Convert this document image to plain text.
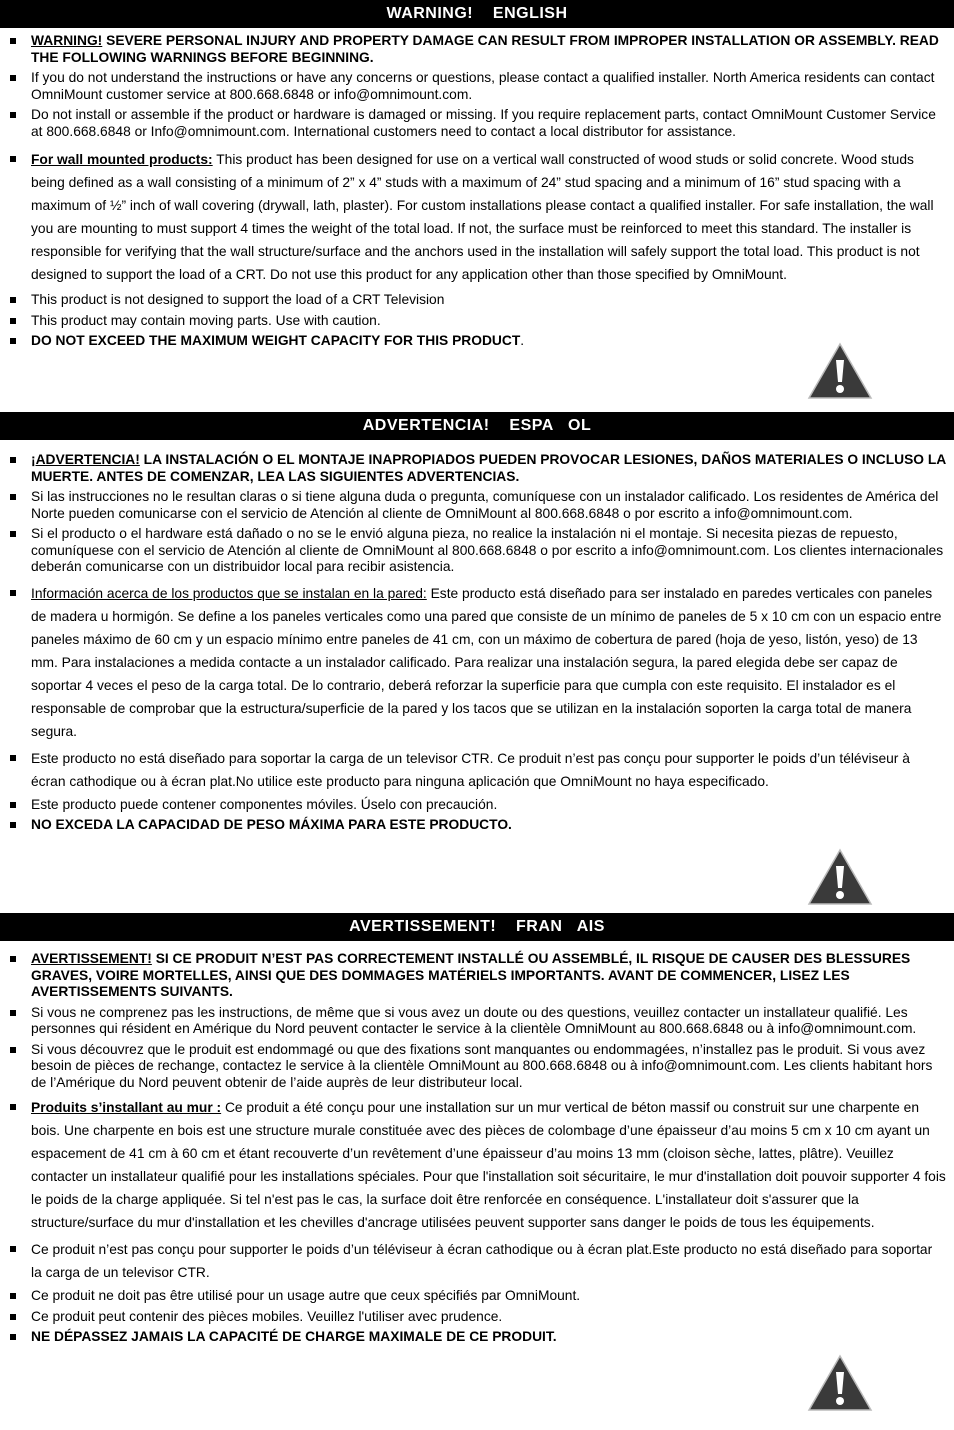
WARNING!    ENGLISH
WARNING! SEVERE PERSONAL INJURY AND PROPERTY DAMAGE CAN RESULT FROM IMPROPER INSTALLATION OR ASSEMBLY. READ THE FOLLOWING WARNINGS BEFORE BEGINNING.
If you do not understand the instructions or have any concerns or questions, please contact a qualified installer. North America residents can contact OmniMount customer service at 800.668.6848 or info@omnimount.com.
Do not install or assemble if the product or hardware is damaged or missing. If you require replacement parts, contact OmniMount Customer Service at 800.668.6848 or Info@omnimount.com. International customers need to contact a local distributor for assistance.
For wall mounted products: This product has been designed for use on a vertical wall constructed of wood studs or solid concrete. Wood studs being defined as a wall consisting of a minimum of 2” x 4” studs with a maximum of 24” stud spacing and a minimum of 16” stud spacing with a maximum of ½” inch of wall covering (drywall, lath, plaster). For custom installations please contact a qualified installer. For safe installation, the wall you are mounting to must support 4 times the weight of the total load. If not, the surface must be reinforced to meet this standard. The installer is responsible for verifying that the wall structure/surface and the anchors used in the installation will safely support the total load. This product is not designed to support the load of a CRT. Do not use this product for any application other than those specified by OmniMount.
This product is not designed to support the load of a CRT Television
This product may contain moving parts. Use with caution.
DO NOT EXCEED THE MAXIMUM WEIGHT CAPACITY FOR THIS PRODUCT.
ADVERTENCIA!    ESPA   OL
¡ADVERTENCIA! LA INSTALACIÓN O EL MONTAJE INAPROPIADOS PUEDEN PROVOCAR LESIONES, DAÑOS MATERIALES O INCLUSO LA MUERTE. ANTES DE COMENZAR, LEA LAS SIGUIENTES ADVERTENCIAS.
Si las instrucciones no le resultan claras o si tiene alguna duda o pregunta, comuníquese con un instalador calificado. Los residentes de América del Norte pueden comunicarse con el servicio de Atención al cliente de OmniMount al 800.668.6848 o por escrito a info@omnimount.com.
Si el producto o el hardware está dañado o no se le envió alguna pieza, no realice la instalación ni el montaje. Si necesita piezas de repuesto, comuníquese con el servicio de Atención al cliente de OmniMount al 800.668.6848 o por escrito a info@omnimount.com. Los clientes internacionales deberán comunicarse con un distribuidor local para recibir asistencia.
Información acerca de los productos que se instalan en la pared: Este producto está diseñado para ser instalado en paredes verticales con paneles de madera u hormigón. Se define a los paneles verticales como una pared que consiste de un mínimo de paneles de 5 x 10 cm con un espacio entre paneles máximo de 60 cm y un espacio mínimo entre paneles de 41 cm, con un máximo de cobertura de pared (hoja de yeso, listón, yeso) de 13 mm. Para instalaciones a medida contacte a un instalador calificado. Para realizar una instalación segura, la pared elegida debe ser capaz de soportar 4 veces el peso de la carga total. De lo contrario, deberá reforzar la superficie para que cumpla con este requisito. El instalador es el responsable de comprobar que la estructura/superficie de la pared y los tacos que se utilizan en la instalación soporten la carga total de manera segura.
Este producto no está diseñado para soportar la carga de un televisor CTR. Ce produit n’est pas conçu pour supporter le poids d’un téléviseur à écran cathodique ou à écran plat.No utilice este producto para ninguna aplicación que OmniMount no haya especificado.
Este producto puede contener componentes móviles. Úselo con precaución.
NO EXCEDA LA CAPACIDAD DE PESO MÁXIMA PARA ESTE PRODUCTO.
AVERTISSEMENT!    FRAN   AIS
AVERTISSEMENT! SI CE PRODUIT N’EST PAS CORRECTEMENT INSTALLÉ OU ASSEMBLÉ, IL RISQUE DE CAUSER DES BLESSURES GRAVES, VOIRE MORTELLES, AINSI QUE DES DOMMAGES MATÉRIELS IMPORTANTS. AVANT DE COMMENCER, LISEZ LES AVERTISSEMENTS SUIVANTS.
Si vous ne comprenez pas les instructions, de même que si vous avez un doute ou des questions, veuillez contacter un installateur qualifié. Les personnes qui résident en Amérique du Nord peuvent contacter le service à la clientèle OmniMount au 800.668.6848 ou à info@omnimount.com.
Si vous découvrez que le produit est endommagé ou que des fixations sont manquantes ou endommagées, n’installez pas le produit. Si vous avez besoin de pièces de rechange, contactez le service à la clientèle OmniMount au 800.668.6848 ou à info@omnimount.com. Les clients habitant hors de l’Amérique du Nord peuvent obtenir de l’aide auprès de leur distributeur local.
Produits s’installant au mur : Ce produit a été conçu pour une installation sur un mur vertical de béton massif ou construit sur une charpente en bois. Une charpente en bois est une structure murale constituée avec des pièces de colombage d’une épaisseur d’au moins 5 cm x 10 cm ayant un espacement de 41 cm à 60 cm et étant recouverte d’un revêtement d’une épaisseur d’au moins 13 mm (cloison sèche, lattes, plâtre). Veuillez contacter un installateur qualifié pour les installations spéciales. Pour que l'installation soit sécuritaire, le mur d'installation doit pouvoir supporter 4 fois le poids de la charge appliquée. Si tel n'est pas le cas, la surface doit être renforcée en conséquence. L'installateur doit s'assurer que la structure/surface du mur d'installation et les chevilles d'ancrage utilisées peuvent supporter sans danger le poids de tous les équipements.
Ce produit n’est pas conçu pour supporter le poids d’un téléviseur à écran cathodique ou à écran plat.Este producto no está diseñado para soportar la carga de un televisor CTR.
Ce produit ne doit pas être utilisé pour un usage autre que ceux spécifiés par OmniMount.
Ce produit peut contenir des pièces mobiles. Veuillez l'utiliser avec prudence.
NE DÉPASSEZ JAMAIS LA CAPACITÉ DE CHARGE MAXIMALE DE CE PRODUIT.
